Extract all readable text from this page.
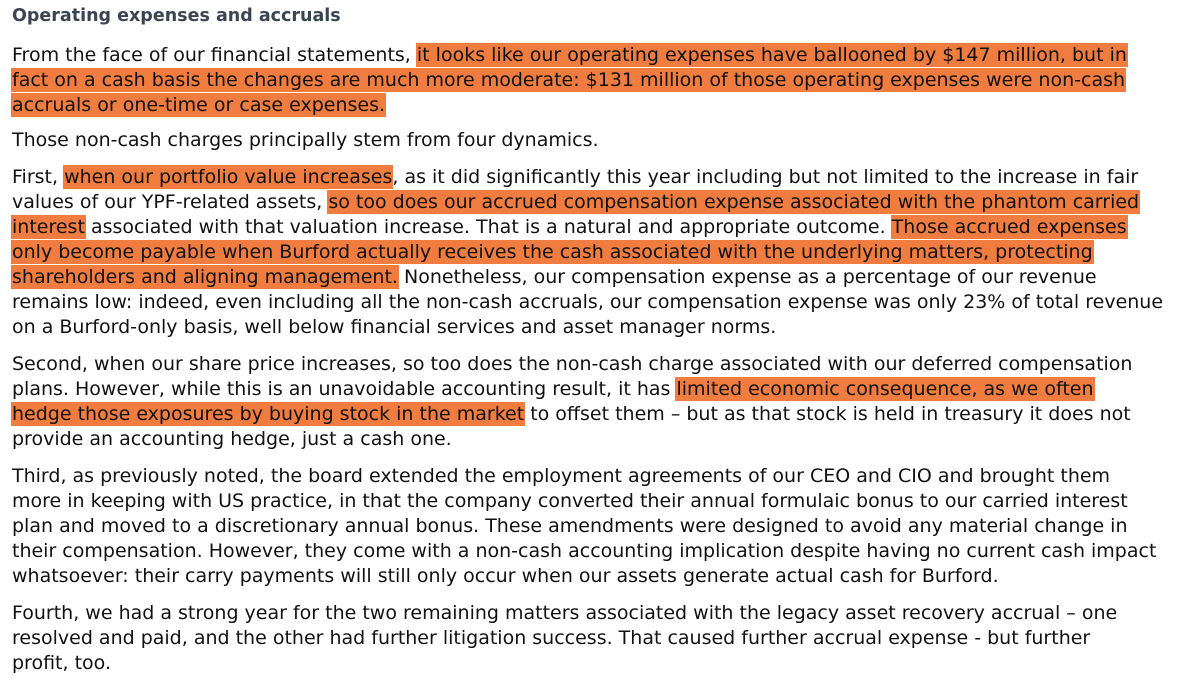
Operating expenses and accruals
From the face of our financial statements, it looks like our operating expenses have ballooned by $147 million, but in
fact on a cash basis the changes are much more moderate: $131 million of those operating expenses were non-cash
accruals or one-time or case expenses.
Those non-cash charges principally stem from four dynamics.
First, when our portfolio value increases, as it did significantly this year including but not limited to the increase in fair
values of our YPF-related assets, so too does our accrued compensation expense associated with the phantom carried
interest associated with that valuation increase. That is a natural and appropriate outcome. Those accrued expenses
only become payable when Burford actually receives the cash associated with the underlying matters, protecting
shareholders and aligning management. Nonetheless, our compensation expense as a percentage of our revenue
remains low: indeed, even including all the non-cash accruals, our compensation expense was only 23% of total revenue
on a Burford-only basis, well below financial services and asset manager norms.
Second, when our share price increases, so too does the non-cash charge associated with our deferred compensation
plans. However, while this is an unavoidable accounting result, it has limited economic consequence, as we often
hedge those exposures by buying stock in the market to offset them – but as that stock is held in treasury it does not
provide an accounting hedge, just a cash one.
Third, as previously noted, the board extended the employment agreements of our CEO and CIO and brought them
more in keeping with US practice, in that the company converted their annual formulaic bonus to our carried interest
plan and moved to a discretionary annual bonus. These amendments were designed to avoid any material change in
their compensation. However, they come with a non-cash accounting implication despite having no current cash impact
whatsoever: their carry payments will still only occur when our assets generate actual cash for Burford.
Fourth, we had a strong year for the two remaining matters associated with the legacy asset recovery accrual – one
resolved and paid, and the other had further litigation success. That caused further accrual expense - but further
profit, too.
